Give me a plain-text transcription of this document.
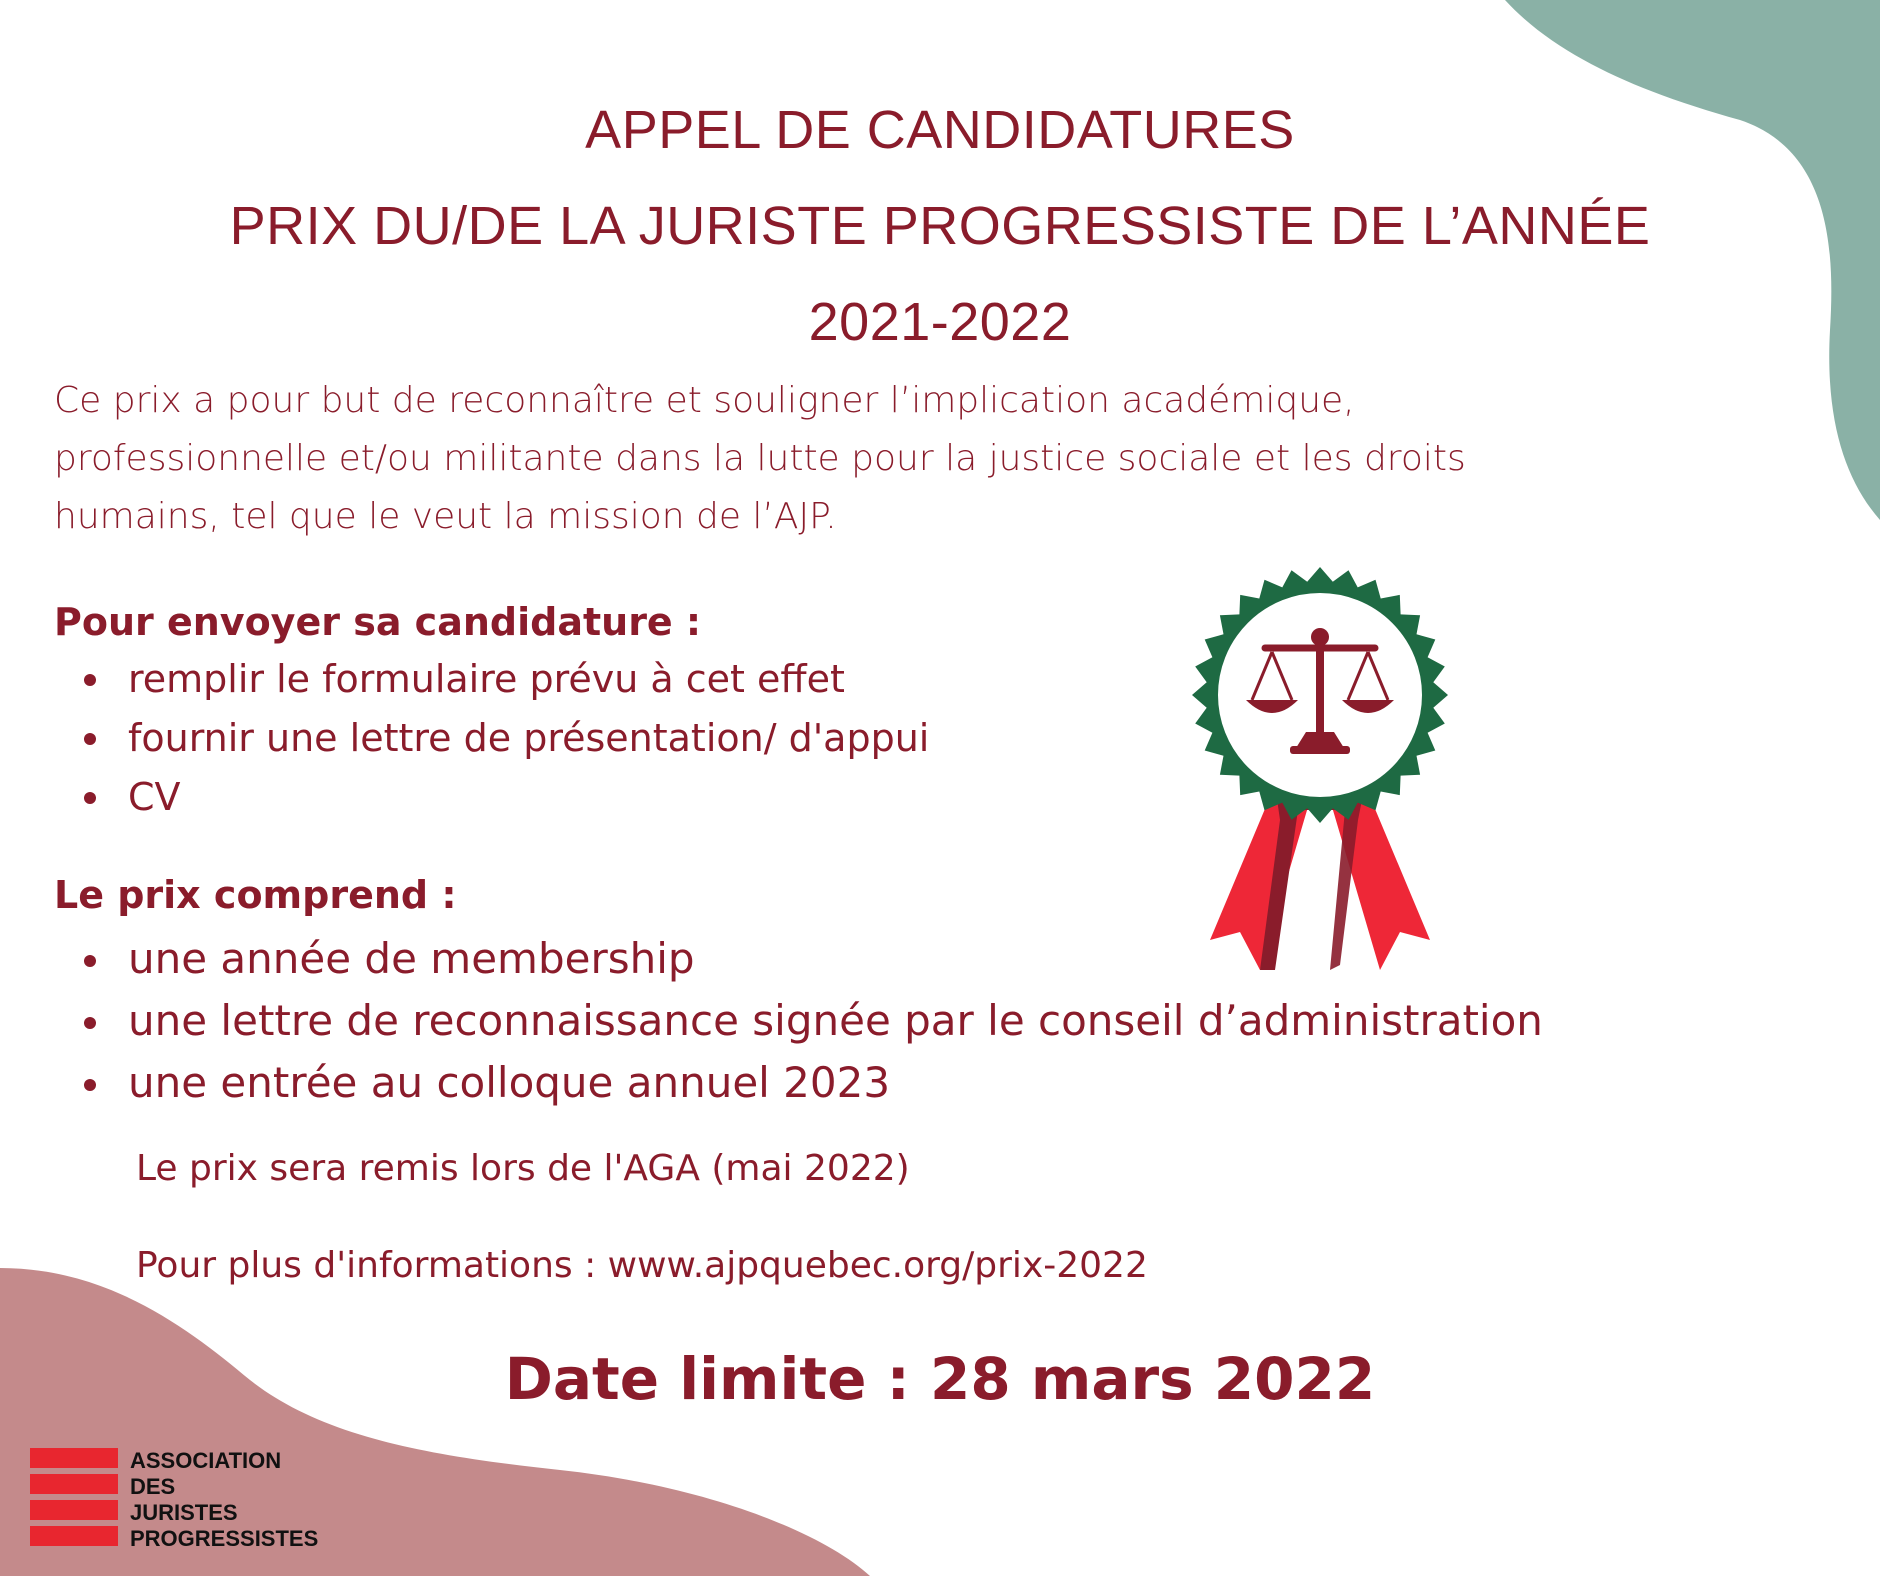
APPEL DE CANDIDATURES
PRIX DU/DE LA JURISTE PROGRESSISTE DE L’ANNÉE
2021-2022

Ce prix a pour but de reconnaître et souligner l’implication académique, professionnelle et/ou militante dans la lutte pour la justice sociale et les droits humains, tel que le veut la mission de l’AJP.

Pour envoyer sa candidature :

remplir le formulaire prévu à cet effet
fournir une lettre de présentation/ d'appui
CV

Le prix comprend :

une année de membership
une lettre de reconnaissance signée par le conseil d’administration
une entrée au colloque annuel 2023

Le prix sera remis lors de l'AGA (mai 2022)

Pour plus d'informations : www.ajpquebec.org/prix-2022

Date limite : 28 mars 2022

ASSOCIATION
DES
JURISTES
PROGRESSISTES
